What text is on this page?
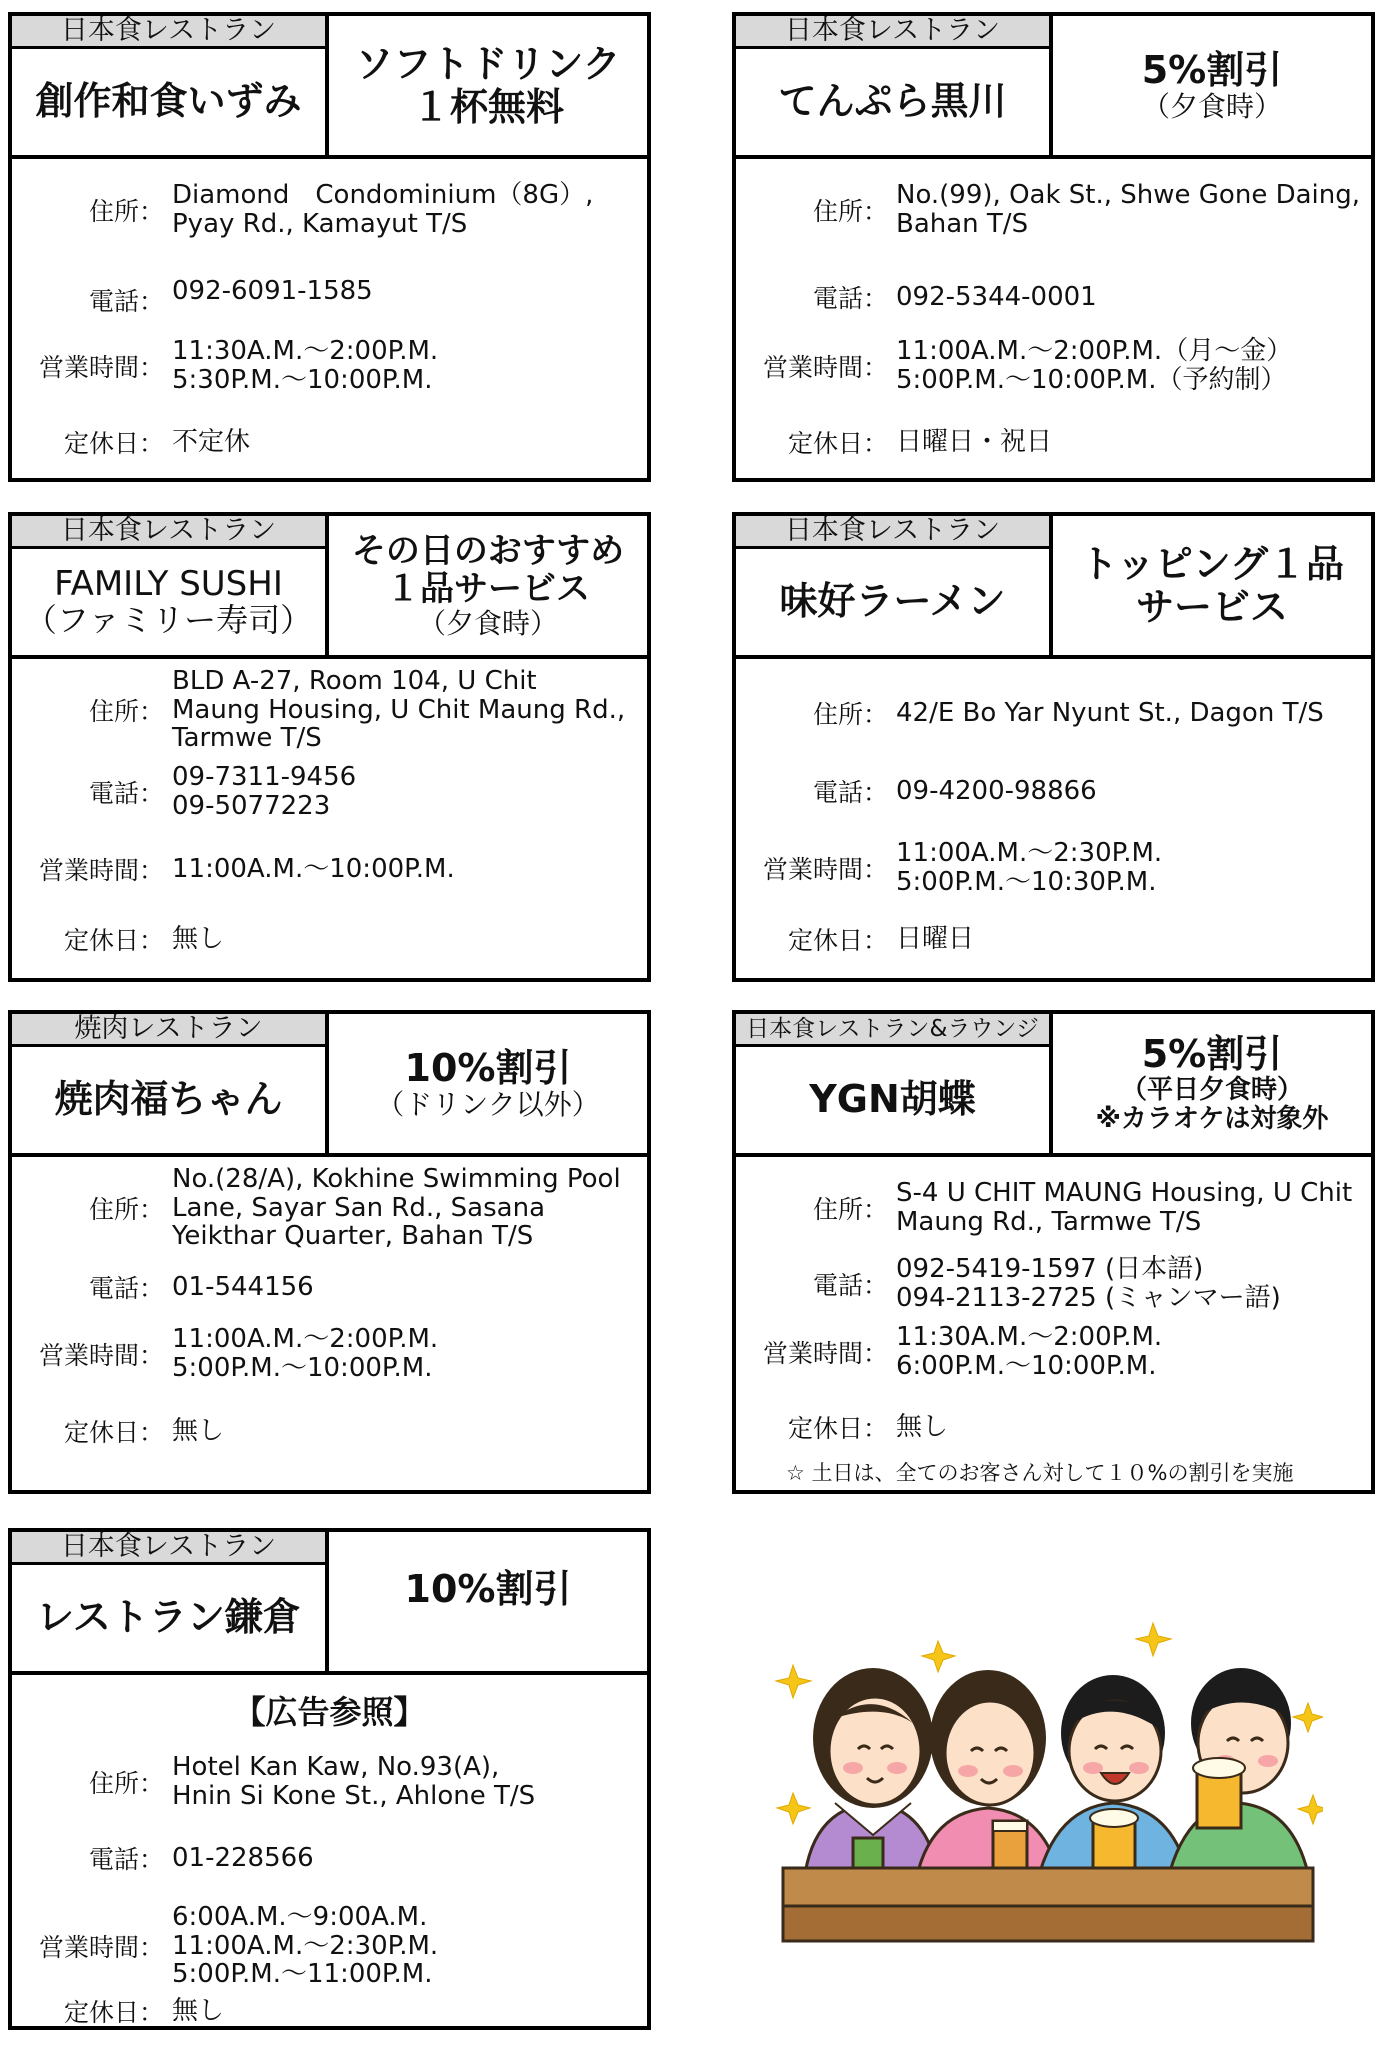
日本食レストラン
創作和食いずみ
ソフトドリンク
１杯無料
住所：
Diamond　Condominium（8G）,
Pyay Rd., Kamayut T/S
電話： 092-6091-1585
営業時間：
11:30A.M.～2:00P.M.
5:30P.M.～10:00P.M.
定休日： 不定休
日本食レストラン
てんぷら黒川
5%割引
（夕食時）
住所：
No.(99), Oak St., Shwe Gone Daing,
Bahan T/S
電話： 092-5344-0001
営業時間：
11:00A.M.～2:00P.M.（月～金）
5:00P.M.～10:00P.M.（予約制）
定休日： 日曜日・祝日
日本食レストラン
FAMILY SUSHI
（ファミリー寿司）
その日のおすすめ
１品サービス
（夕食時）
住所：
BLD A-27, Room 104, U Chit
Maung Housing, U Chit Maung Rd.,
Tarmwe T/S
電話：
09-7311-9456
09-5077223
営業時間： 11:00A.M.～10:00P.M.
定休日： 無し
日本食レストラン
味好ラーメン
トッピング１品
サービス
住所： 42/E Bo Yar Nyunt St., Dagon T/S
電話： 09-4200-98866
営業時間：
11:00A.M.～2:30P.M.
5:00P.M.～10:30P.M.
定休日： 日曜日
焼肉レストラン
焼肉福ちゃん
10%割引
（ドリンク以外）
住所：
No.(28/A), Kokhine Swimming Pool
Lane, Sayar San Rd., Sasana
Yeikthar Quarter, Bahan T/S
電話： 01-544156
営業時間：
11:00A.M.～2:00P.M.
5:00P.M.～10:00P.M.
定休日： 無し
日本食レストラン&ラウンジ
YGN胡蝶
5%割引
（平日夕食時）
※カラオケは対象外
住所：
S-4 U CHIT MAUNG Housing, U Chit
Maung Rd., Tarmwe T/S
電話：
092-5419-1597 (日本語)
094-2113-2725 (ミャンマー語)
営業時間：
11:30A.M.～2:00P.M.
6:00P.M.～10:00P.M.
定休日： 無し
☆ 土日は、全てのお客さん対して１０%の割引を実施
日本食レストラン
レストラン鎌倉
10%割引
【広告参照】
住所：
Hotel Kan Kaw, No.93(A),
Hnin Si Kone St., Ahlone T/S
電話： 01-228566
営業時間：
6:00A.M.～9:00A.M.
11:00A.M.～2:30P.M.
5:00P.M.～11:00P.M.
定休日： 無し
